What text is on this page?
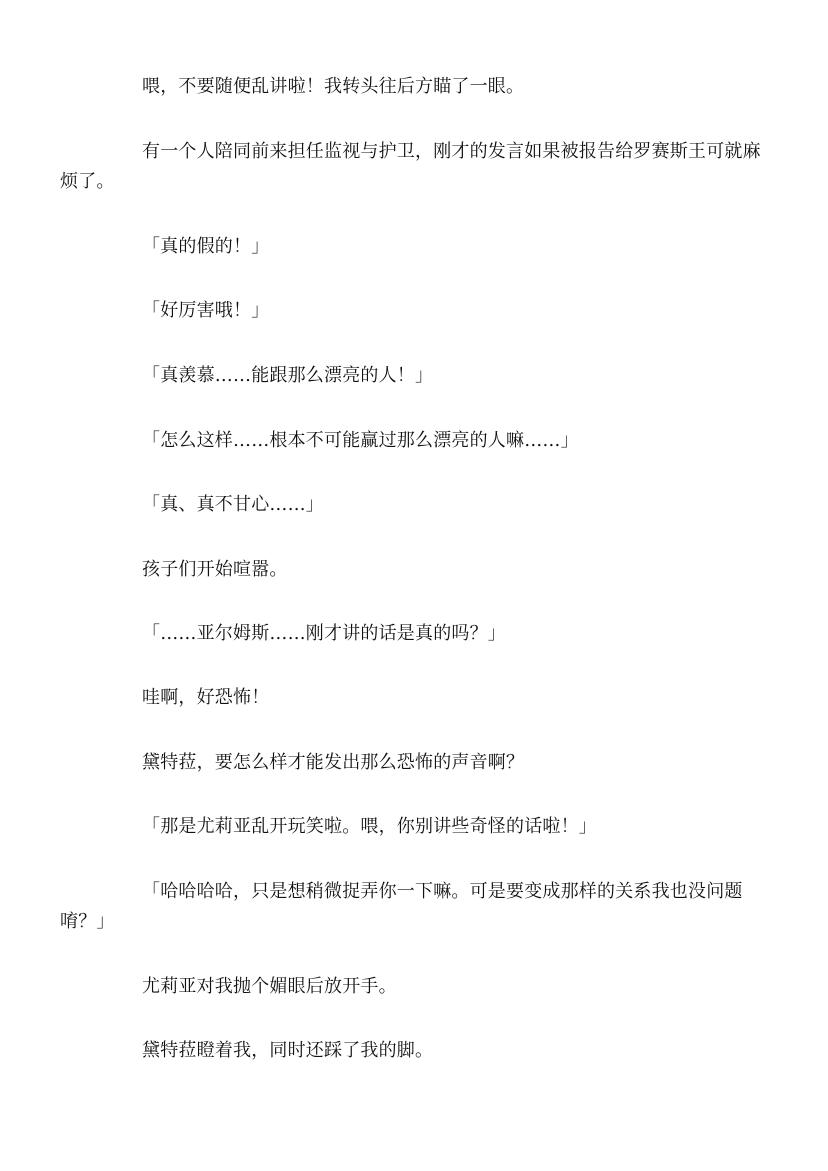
喂，不要随便乱讲啦！我转头往后方瞄了一眼。

有一个人陪同前来担任监视与护卫，刚才的发言如果被报告给罗赛斯王可就麻烦了。

「真的假的！」

「好厉害哦！」

「真羡慕……能跟那么漂亮的人！」

「怎么这样……根本不可能赢过那么漂亮的人嘛……」

「真、真不甘心……」

孩子们开始喧嚣。

「……亚尔姆斯……刚才讲的话是真的吗？」

哇啊，好恐怖！

黛特菈，要怎么样才能发出那么恐怖的声音啊？

「那是尤莉亚乱开玩笑啦。喂，你别讲些奇怪的话啦！」

「哈哈哈哈，只是想稍微捉弄你一下嘛。可是要变成那样的关系我也没问题唷？」

尤莉亚对我抛个媚眼后放开手。

黛特菈瞪着我，同时还踩了我的脚。
